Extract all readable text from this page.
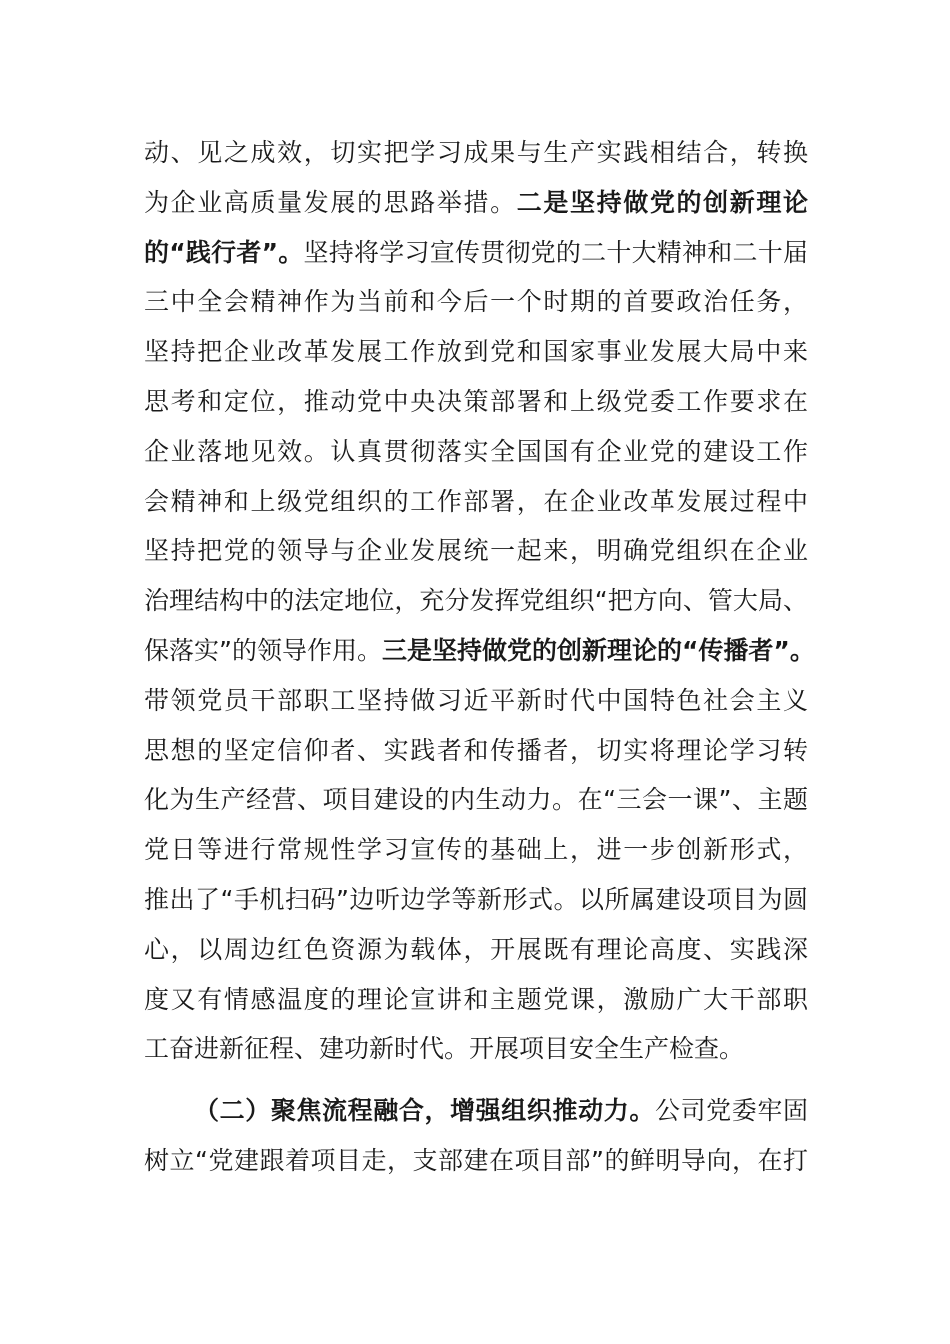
动、见之成效，切实把学习成果与生产实践相结合，转换
为企业高质量发展的思路举措。二是坚持做党的创新理论
的“践行者”。坚持将学习宣传贯彻党的二十大精神和二十届
三中全会精神作为当前和今后一个时期的首要政治任务，
坚持把企业改革发展工作放到党和国家事业发展大局中来
思考和定位，推动党中央决策部署和上级党委工作要求在
企业落地见效。认真贯彻落实全国国有企业党的建设工作
会精神和上级党组织的工作部署，在企业改革发展过程中
坚持把党的领导与企业发展统一起来，明确党组织在企业
治理结构中的法定地位，充分发挥党组织“把方向、管大局、
保落实”的领导作用。三是坚持做党的创新理论的“传播者”。
带领党员干部职工坚持做习近平新时代中国特色社会主义
思想的坚定信仰者、实践者和传播者，切实将理论学习转
化为生产经营、项目建设的内生动力。在“三会一课”、主题
党日等进行常规性学习宣传的基础上，进一步创新形式，
推出了“手机扫码”边听边学等新形式。以所属建设项目为圆
心，以周边红色资源为载体，开展既有理论高度、实践深
度又有情感温度的理论宣讲和主题党课，激励广大干部职
工奋进新征程、建功新时代。开展项目安全生产检查。
（二）聚焦流程融合，增强组织推动力。公司党委牢固
树立“党建跟着项目走，支部建在项目部”的鲜明导向，在打
